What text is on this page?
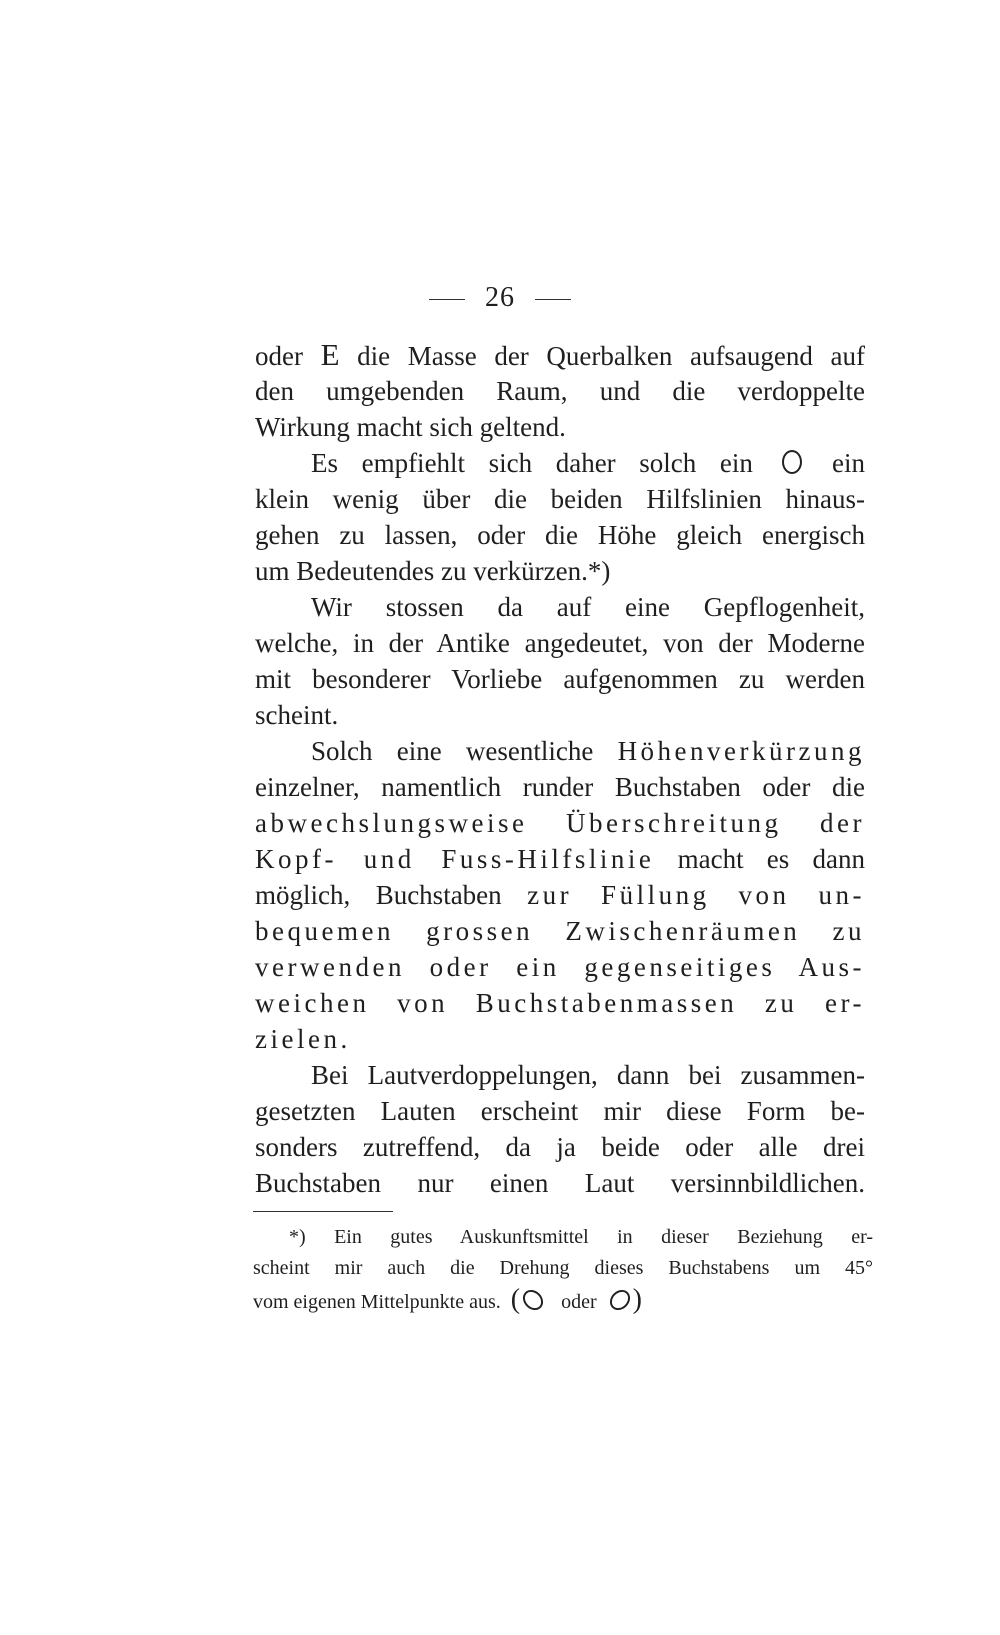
26
oder E die Masse der Querbalken aufsaugend auf
den umgebenden Raum, und die verdoppelte
Wirkung macht sich geltend.
Es empfiehlt sich daher solch ein  ein
klein wenig über die beiden Hilfslinien hinaus-
gehen zu lassen, oder die Höhe gleich energisch
um Bedeutendes zu verkürzen.*)
Wir stossen da auf eine Gepflogenheit,
welche, in der Antike angedeutet, von der Moderne
mit besonderer Vorliebe aufgenommen zu werden
scheint.
Solch eine wesentliche Höhenverkürzung
einzelner, namentlich runder Buchstaben oder die
abwechslungsweise Überschreitung der
Kopf- und Fuss-Hilfslinie macht es dann
möglich, Buchstaben zur Füllung von un-
bequemen grossen Zwischenräumen zu
verwenden oder ein gegenseitiges Aus-
weichen von Buchstabenmassen zu er-
zielen.
Bei Lautverdoppelungen, dann bei zusammen-
gesetzten Lauten erscheint mir diese Form be-
sonders zutreffend, da ja beide oder alle drei
Buchstaben nur einen Laut versinnbildlichen.
*) Ein gutes Auskunftsmittel in dieser Beziehung er-
scheint mir auch die Drehung dieses Buchstabens um 45°
vom eigenen Mittelpunkte aus. ( oder )
